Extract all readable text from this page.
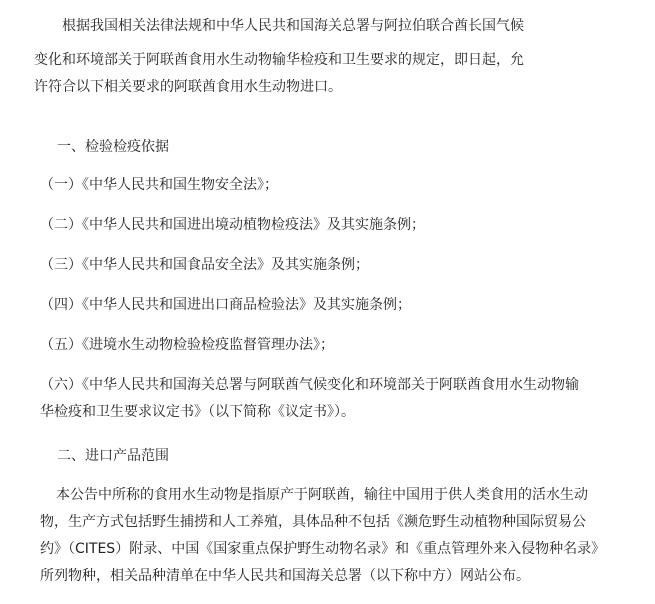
根据我国相关法律法规和中华人民共和国海关总署与阿拉伯联合酋长国气候
变化和环境部关于阿联酋食用水生动物输华检疫和卫生要求的规定，即日起，允
许符合以下相关要求的阿联酋食用水生动物进口。
一、检验检疫依据
（一）《中华人民共和国生物安全法》；
（二）《中华人民共和国进出境动植物检疫法》及其实施条例；
（三）《中华人民共和国食品安全法》及其实施条例；
（四）《中华人民共和国进出口商品检验法》及其实施条例；
（五）《进境水生动物检验检疫监督管理办法》；
（六）《中华人民共和国海关总署与阿联酋气候变化和环境部关于阿联酋食用水生动物输
华检疫和卫生要求议定书》（以下简称《议定书》）。
二、进口产品范围
本公告中所称的食用水生动物是指原产于阿联酋，输往中国用于供人类食用的活水生动
物，生产方式包括野生捕捞和人工养殖，具体品种不包括《濒危野生动植物种国际贸易公
约》（CITES）附录、中国《国家重点保护野生动物名录》和《重点管理外来入侵物种名录》
所列物种，相关品种清单在中华人民共和国海关总署（以下称中方）网站公布。
